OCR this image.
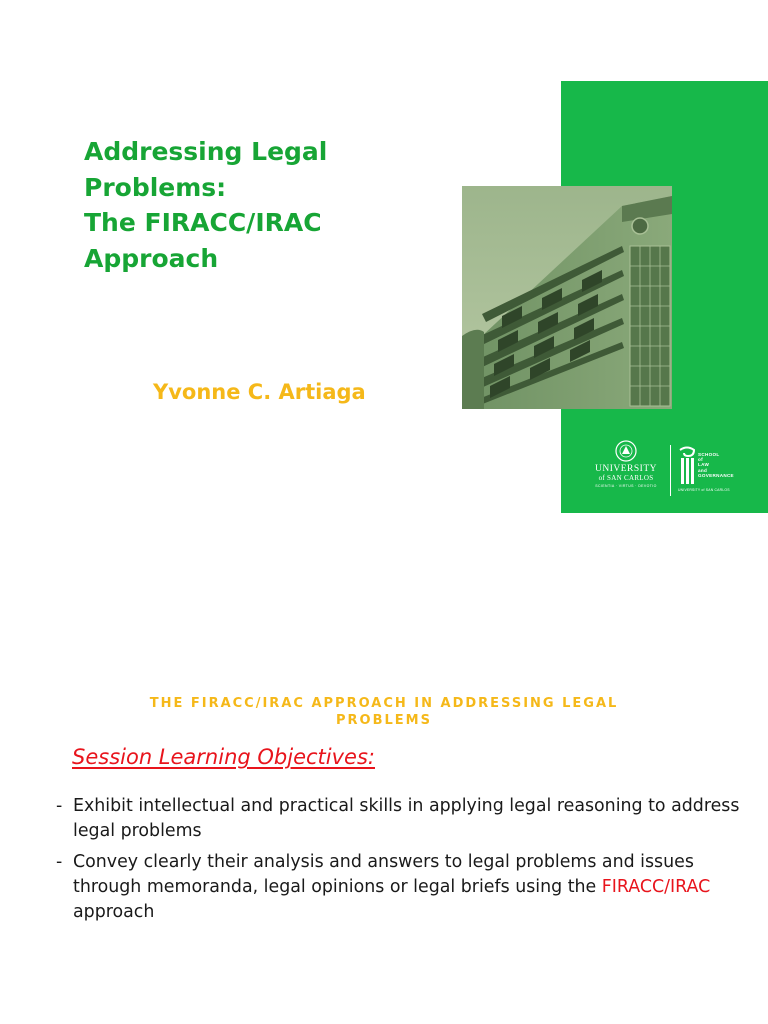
Addressing Legal
Problems:
The FIRACC/IRAC
Approach

Yvonne C. Artiaga

UNIVERSITY
of SAN CARLOS
SCIENTIA · VIRTUS · DEVOTIO
SCHOOL
of
LAW
and
GOVERNANCE
UNIVERSITY of SAN CARLOS
THE FIRACC/IRAC APPROACH IN ADDRESSING LEGAL
PROBLEMS
Session Learning Objectives:
- Exhibit intellectual and practical skills in applying legal reasoning to address legal problems
- Convey clearly their analysis and answers to legal problems and issues through memoranda, legal opinions or legal briefs using the FIRACC/IRAC approach
